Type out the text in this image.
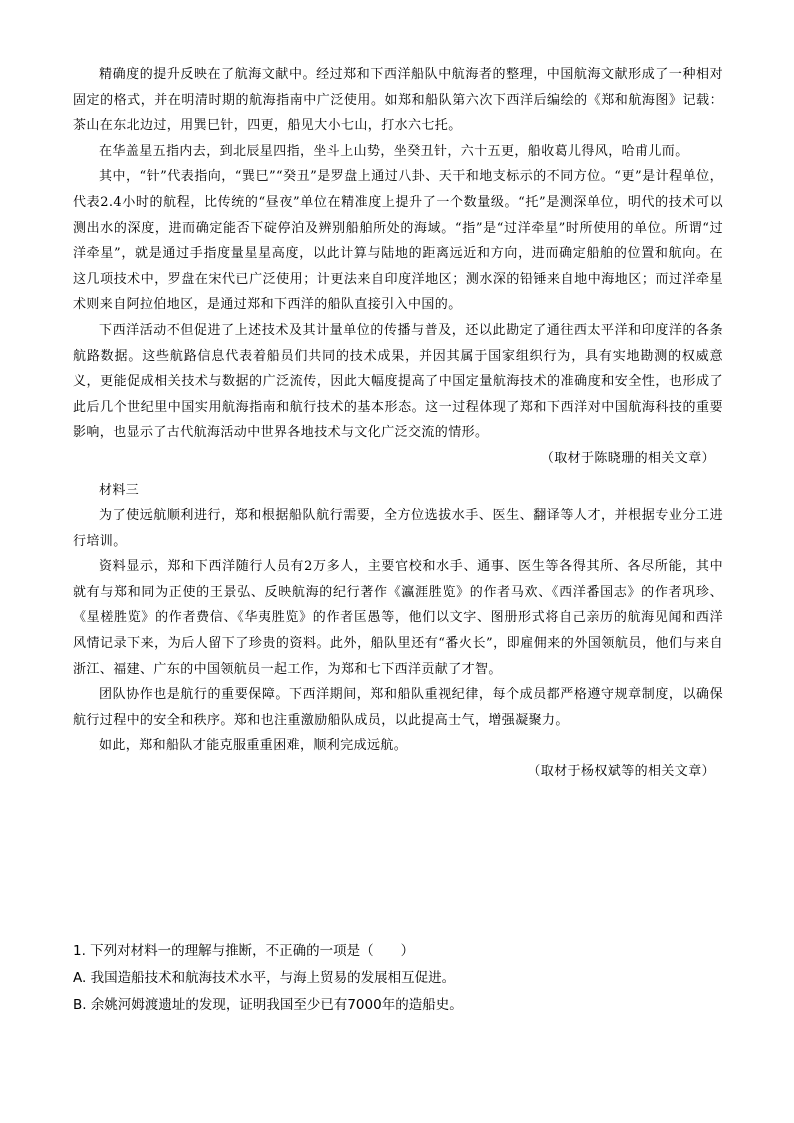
精确度的提升反映在了航海文献中。经过郑和下西洋船队中航海者的整理，中国航海文献形成了一种相对固定的格式，并在明清时期的航海指南中广泛使用。如郑和船队第六次下西洋后编绘的《郑和航海图》记载：茶山在东北边过，用巽巳针，四更，船见大小七山，打水六七托。

在华盖星五指内去，到北辰星四指，坐斗上山势，坐癸丑针，六十五更，船收葛儿得风，哈甫儿而。

其中，“针”代表指向，“巽巳”“癸丑”是罗盘上通过八卦、天干和地支标示的不同方位。“更”是计程单位，代表2.4小时的航程，比传统的“昼夜”单位在精准度上提升了一个数量级。“托”是测深单位，明代的技术可以测出水的深度，进而确定能否下碇停泊及辨别船舶所处的海域。“指”是“过洋牵星”时所使用的单位。所谓“过洋牵星”，就是通过手指度量星星高度，以此计算与陆地的距离远近和方向，进而确定船舶的位置和航向。在这几项技术中，罗盘在宋代已广泛使用；计更法来自印度洋地区；测水深的铅锤来自地中海地区；而过洋牵星术则来自阿拉伯地区，是通过郑和下西洋的船队直接引入中国的。

下西洋活动不但促进了上述技术及其计量单位的传播与普及，还以此勘定了通往西太平洋和印度洋的各条航路数据。这些航路信息代表着船员们共同的技术成果，并因其属于国家组织行为，具有实地勘测的权威意义，更能促成相关技术与数据的广泛流传，因此大幅度提高了中国定量航海技术的准确度和安全性，也形成了此后几个世纪里中国实用航海指南和航行技术的基本形态。这一过程体现了郑和下西洋对中国航海科技的重要影响，也显示了古代航海活动中世界各地技术与文化广泛交流的情形。

（取材于陈晓珊的相关文章）

材料三

为了使远航顺利进行，郑和根据船队航行需要，全方位选拔水手、医生、翻译等人才，并根据专业分工进行培训。

资料显示，郑和下西洋随行人员有2万多人，主要官校和水手、通事、医生等各得其所、各尽所能，其中就有与郑和同为正使的王景弘、反映航海的纪行著作《瀛涯胜览》的作者马欢、《西洋番国志》的作者巩珍、《星槎胜览》的作者费信、《华夷胜览》的作者匡愚等，他们以文字、图册形式将自己亲历的航海见闻和西洋风情记录下来，为后人留下了珍贵的资料。此外，船队里还有“番火长”，即雇佣来的外国领航员，他们与来自浙江、福建、广东的中国领航员一起工作，为郑和七下西洋贡献了才智。

团队协作也是航行的重要保障。下西洋期间，郑和船队重视纪律，每个成员都严格遵守规章制度，以确保航行过程中的安全和秩序。郑和也注重激励船队成员，以此提高士气，增强凝聚力。

如此，郑和船队才能克服重重困难，顺利完成远航。

（取材于杨权斌等的相关文章）

1. 下列对材料一的理解与推断，不正确的一项是（　　）

A. 我国造船技术和航海技术水平，与海上贸易的发展相互促进。

B. 余姚河姆渡遗址的发现，证明我国至少已有7000年的造船史。
